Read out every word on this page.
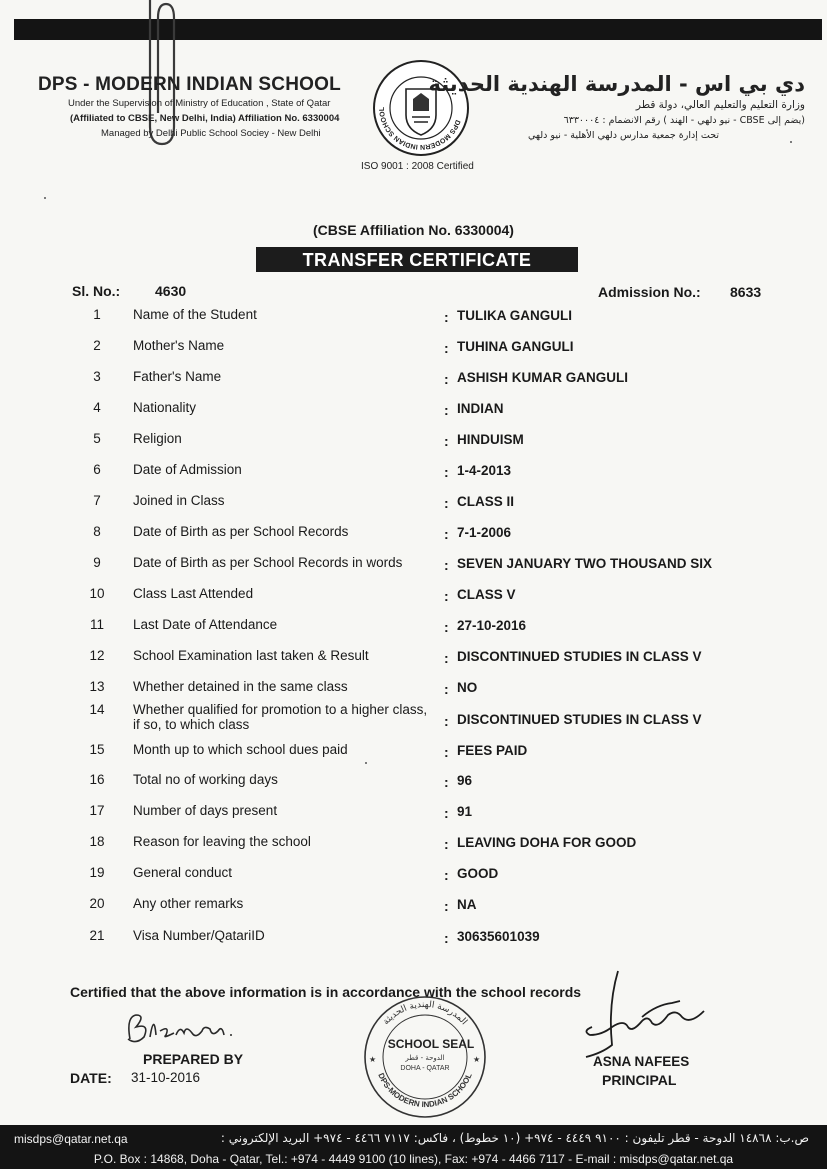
DPS - MODERN INDIAN SCHOOL
Under the Supervision of Ministry of Education , State of Qatar
(Affiliated to CBSE, New Delhi, India) Affiliation No. 6330004
Managed by Delhi Public School Sociey - New Delhi
DPS MODERN INDIAN SCHOOL
ISO 9001 : 2008 Certified
دي بي اس - المدرسة الهندية الحديثة
وزارة التعليم والتعليم العالي، دولة قطر
(يضم إلى CBSE - نيو دلهي - الهند ) رقم الانضمام : ٦٣٣٠٠٠٤
تحت إدارة جمعية مدارس دلهي الأهلية - نيو دلهي
(CBSE Affiliation No. 6330004)
TRANSFER CERTIFICATE
Sl. No.: 4630	Admission No.: 8633
1	Name of the Student	: TULIKA GANGULI
2	Mother's Name	: TUHINA GANGULI
3	Father's Name	: ASHISH KUMAR GANGULI
4	Nationality	: INDIAN
5	Religion	: HINDUISM
6	Date of Admission	: 1-4-2013
7	Joined in Class	: CLASS II
8	Date of Birth as per School Records	: 7-1-2006
9	Date of Birth as per School Records in words	: SEVEN JANUARY TWO THOUSAND SIX
10 Class Last Attended	: CLASS V
11 Last Date of Attendance	: 27-10-2016
12 School Examination last taken & Result	: DISCONTINUED STUDIES IN CLASS V
13 Whether detained in the same class	: NO
14 Whether qualified for promotion to a higher class,
if so, to which class	: DISCONTINUED STUDIES IN CLASS V
15 Month up to which school dues paid	: FEES PAID
16 Total no of working days	: 96
17 Number of days present	: 91
18 Reason for leaving the school	: LEAVING DOHA FOR GOOD
19 General conduct	: GOOD
20 Any other remarks	: NA
21 Visa Number/QatariID	: 30635601039
Certified that the above information is in accordance with the school records
PREPARED BY
DATE: 31-10-2016
المدرسة الهندية الحديثة
DPS-MODERN INDIAN SCHOOL
SCHOOL SEAL
الدوحة - قطر
DOHA - QATAR
★	★	ASNA NAFEES
PRINCIPAL
misdps@qatar.net.qa	ص.ب: ١٤٨٦٨ الدوحة - قطر تليفون : ٩١٠٠ ٤٤٤٩ - ٩٧٤+ (١٠ خطوط) ، فاكس: ٧١١٧ ٤٤٦٦ - ٩٧٤+ البريد الإلكتروني :
P.O. Box : 14868, Doha - Qatar, Tel.: +974 - 4449 9100 (10 lines), Fax: +974 - 4466 7117 - E-mail : misdps@qatar.net.qa
